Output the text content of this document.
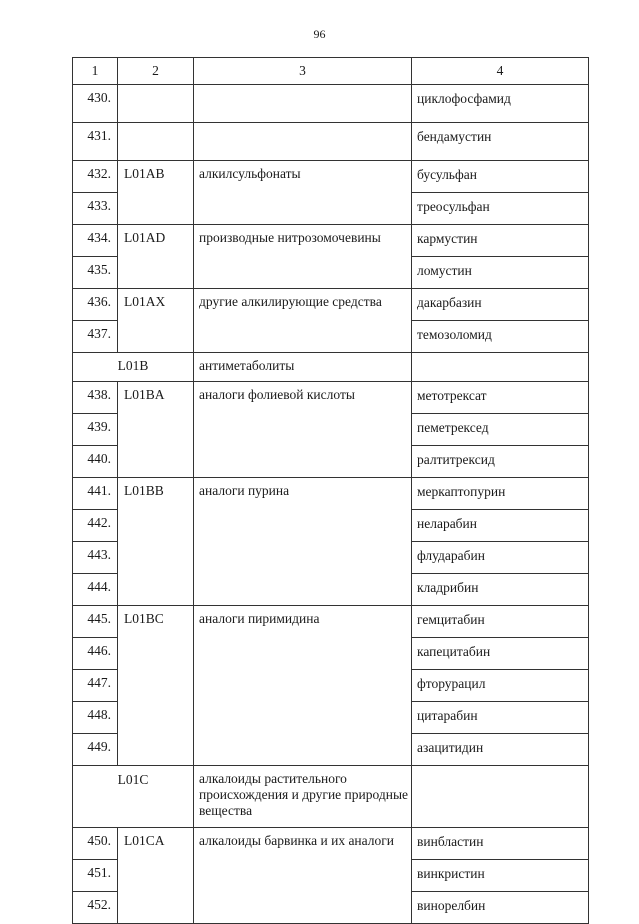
96
1	2	3	4
430.			циклофосфамид
431.			бендамустин
432.	L01AB	алкилсульфонаты	бусульфан
433.			треосульфан
434.	L01AD	производные нитрозомочевины	кармустин
435.			ломустин
436.	L01AX	другие алкилирующие средства	дакарбазин
437.			темозоломид
L01B		антиметаболиты	
438.	L01BA	аналоги фолиевой кислоты	метотрексат
439.			пеметрексед
440.			ралтитрексид
441.	L01BB	аналоги пурина	меркаптопурин
442.			неларабин
443.			флударабин
444.			кладрибин
445.	L01BC	аналоги пиримидина	гемцитабин
446.			капецитабин
447.			фторурацил
448.			цитарабин
449.			азацитидин
L01C		алкалоиды растительного происхождения и другие природные вещества	
450.	L01CA	алкалоиды барвинка и их аналоги	винбластин
451.			винкристин
452.			винорелбин
